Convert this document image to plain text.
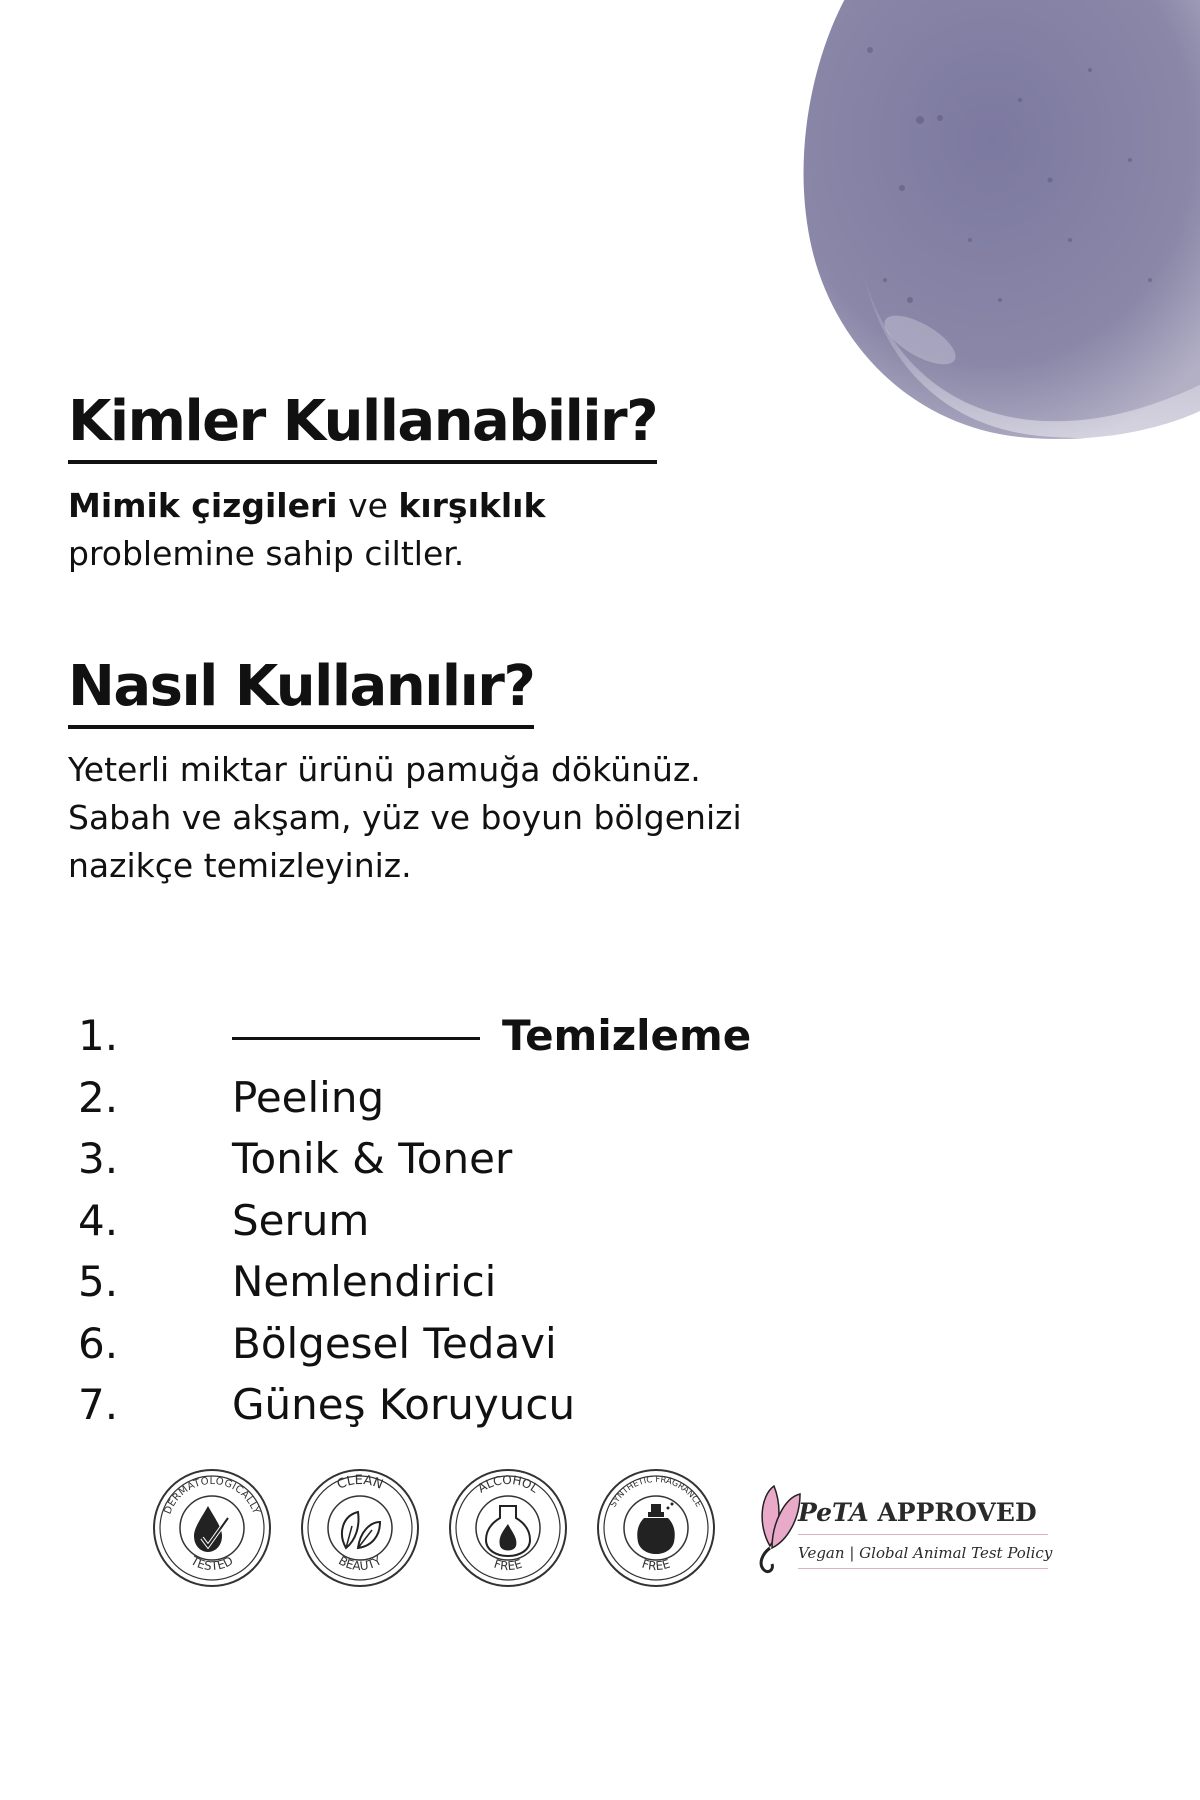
Kimler Kullanabilir?

Mimik çizgileri ve kırşıklık problemine sahip ciltler.

Nasıl Kullanılır?

Yeterli miktar ürünü pamuğa dökünüz. Sabah ve akşam, yüz ve boyun bölgenizi nazikçe temizleyiniz.

1.	Temizleme
2.	Peeling
3.	Tonik & Toner
4.	Serum
5.	Nemlendirici
6.	Bölgesel Tedavi
7.	Güneş Koruyucu
DERMATOLOGICALLY
TESTED
CLEAN
BEAUTY
ALCOHOL
FREE
SYNTHETIC FRAGRANCE
FREE
PeTA APPROVED
Vegan | Global Animal Test Policy
